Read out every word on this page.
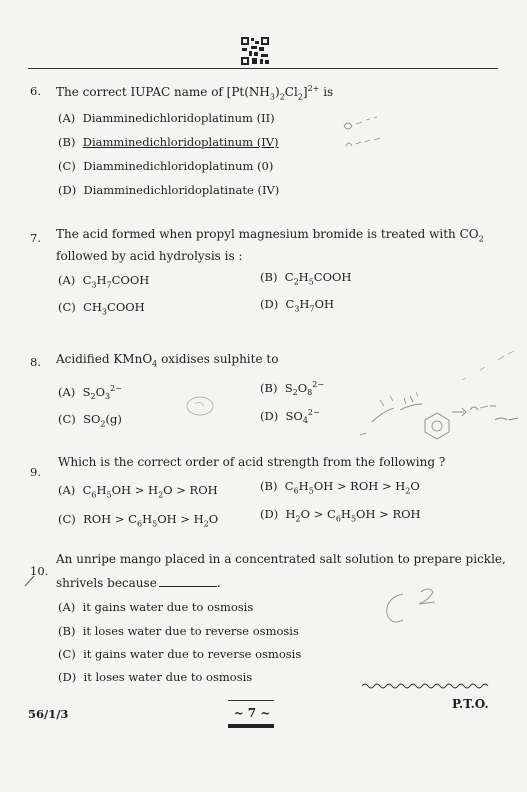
6. The correct IUPAC name of $[Pt(NH_3)_2Cl_2]^{2+}$ is
(A) Diamminedichloridoplatinum (II)
(B) Diamminedichloridoplatinum (IV)
(C) Diamminedichloridoplatinum (0)
(D) Diamminedichloridoplatinate (IV)
7. The acid formed when propyl magnesium bromide is treated with $CO_2$
followed by acid hydrolysis is :
(A)  $C_3H_7COOH$	(B)  $C_2H_5COOH$
(C)  $CH_3COOH$	(D)  $C_3H_7OH$
8. Acidified KMnO$_4$ oxidises sulphite to
(A)  $S_2O_3^{2-}$	(B)  $S_2O_8^{2-}$
(C)  $SO_2(g)$	(D)  $SO_4^{2-}$
9.
Which is the correct order of acid strength from the following ?
(A)  $C_6H_5OH > H_2O$ > ROH	(B)  $C_6H_5OH$ > ROH > $H_2O$
(C)  ROH > $C_6H_5OH > H_2O$	(D)  $H_2O > C_6H_5OH$ > ROH
10.
An unripe mango placed in a concentrated salt solution to prepare pickle,
shrivels because	.
(A) it gains water due to osmosis
(B) it loses water due to reverse osmosis
(C) it gains water due to reverse osmosis
(D) it loses water due to osmosis
56/1/3	~ 7 ~
P.T.O.
